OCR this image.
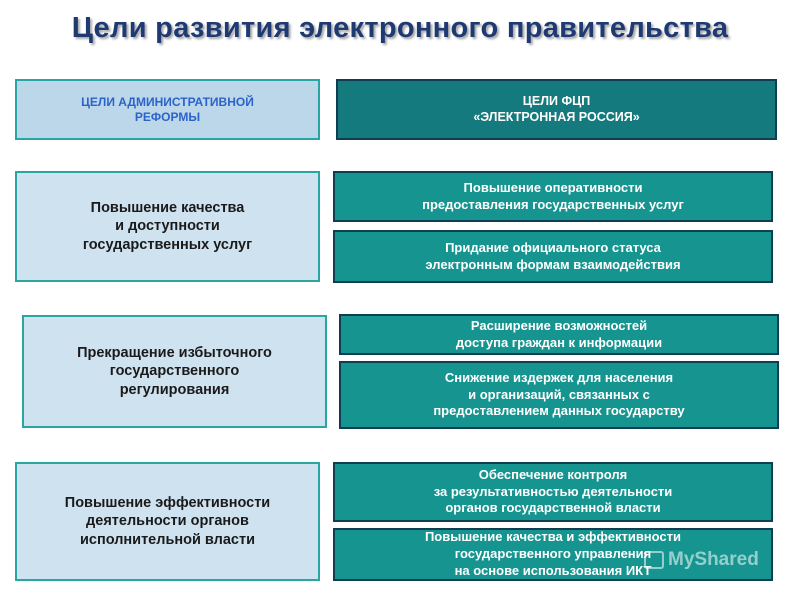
Цели развития электронного правительства
ЦЕЛИ АДМИНИСТРАТИВНОЙ
РЕФОРМЫ
ЦЕЛИ ФЦП
«ЭЛЕКТРОННАЯ РОССИЯ»
Повышение качества
и доступности
государственных услуг
Повышение оперативности
предоставления государственных услуг
Придание официального статуса
электронным формам взаимодействия
Прекращение избыточного
государственного
регулирования
Расширение возможностей
доступа граждан к информации
Снижение издержек для населения
и организаций, связанных с
предоставлением данных государству
Повышение эффективности
деятельности органов
исполнительной власти
Обеспечение контроля
за результативностью деятельности
органов государственной власти
Повышение качества и эффективности
государственного управления
на основе использования ИКТ
MyShared
